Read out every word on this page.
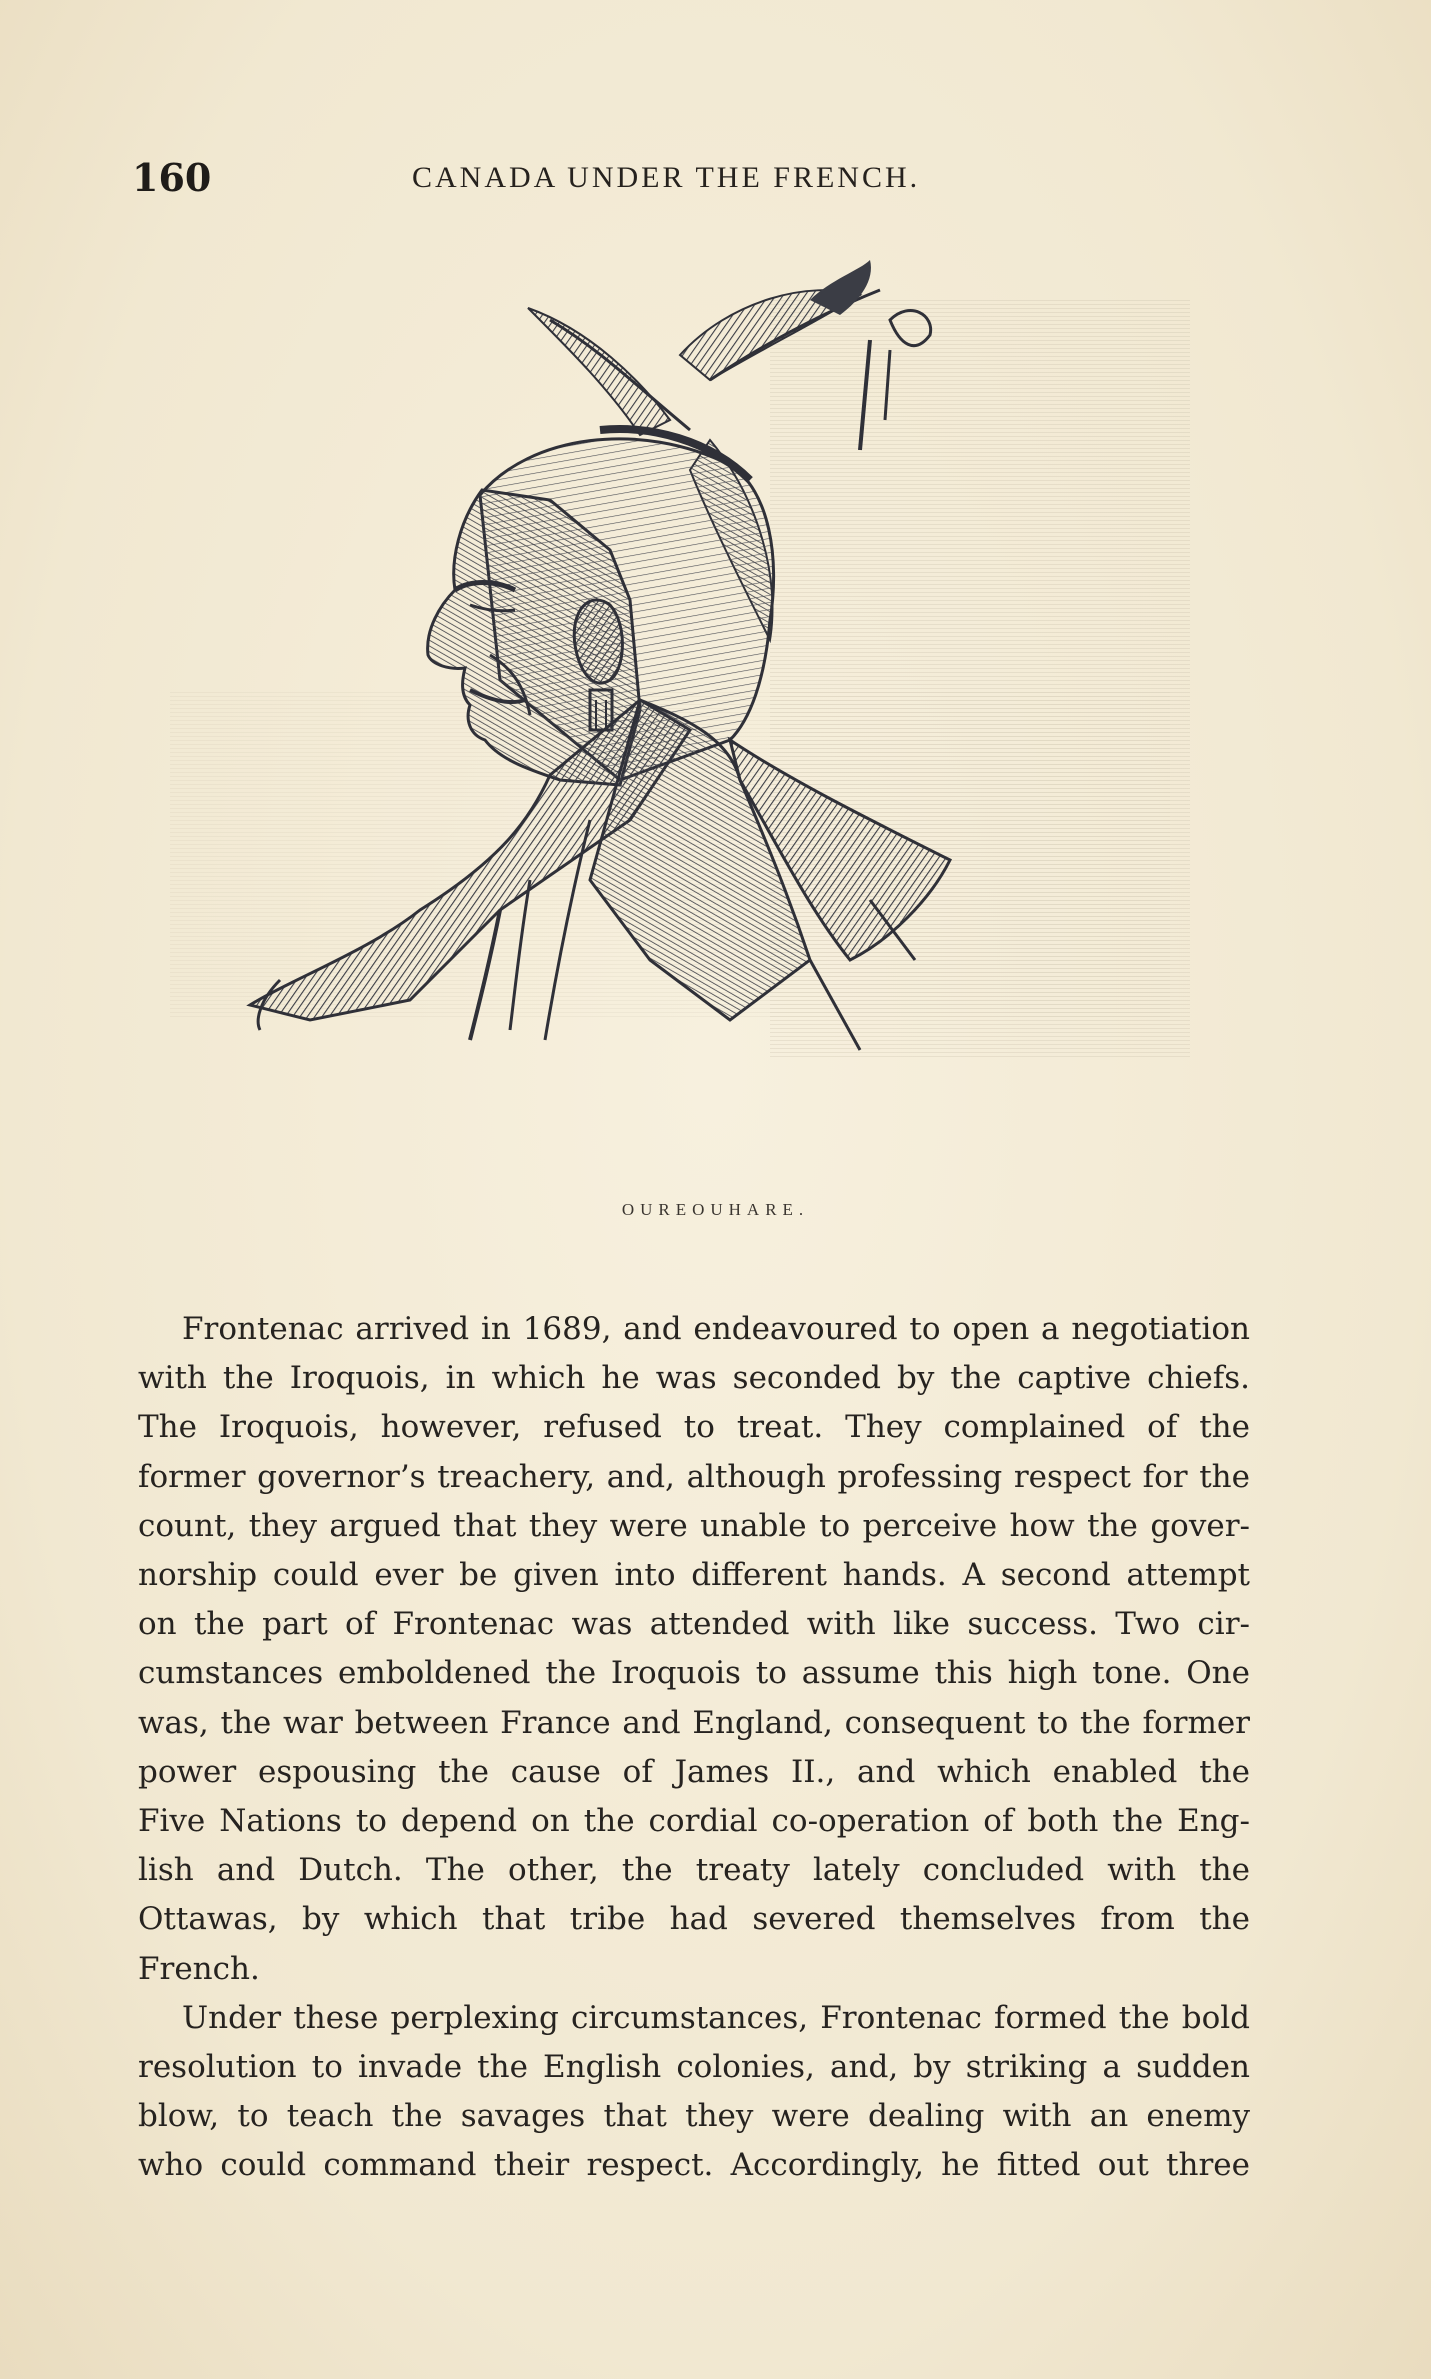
160	CANADA UNDER THE FRENCH.
OUREOUHARE.

Frontenac arrived in 1689, and endeavoured to open a negotiation
with the Iroquois, in which he was seconded by the captive chiefs.
The Iroquois, however, refused to treat. They complained of the
former governor’s treachery, and, although professing respect for the
count, they argued that they were unable to perceive how the gover-
norship could ever be given into different hands. A second attempt
on the part of Frontenac was attended with like success. Two cir-
cumstances emboldened the Iroquois to assume this high tone. One
was, the war between France and England, consequent to the former
power espousing the cause of James II., and which enabled the
Five Nations to depend on the cordial co-operation of both the Eng-
lish and Dutch. The other, the treaty lately concluded with the
Ottawas, by which that tribe had severed themselves from the
French.

Under these perplexing circumstances, Frontenac formed the bold
resolution to invade the English colonies, and, by striking a sudden
blow, to teach the savages that they were dealing with an enemy
who could command their respect. Accordingly, he fitted out three
